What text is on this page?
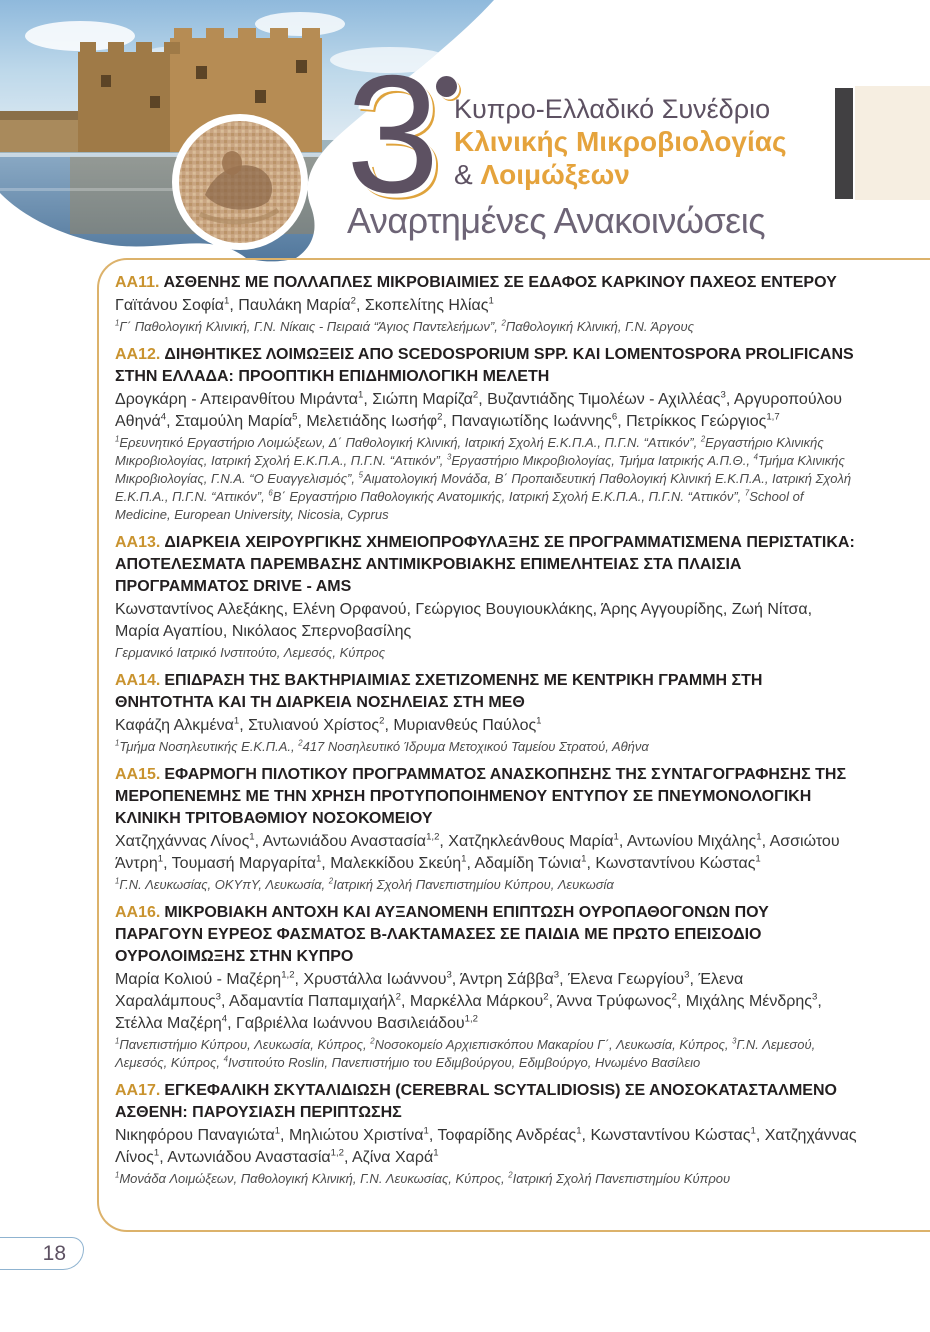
3 Κυπρο-Ελλαδικό Συνέδριο
Κλινικής Μικροβιολογίας
& Λοιμώξεων
Αναρτημένες Ανακοινώσεις

AA11. ΑΣΘΕΝΗΣ ΜΕ ΠΟΛΛΑΠΛΕΣ ΜΙΚΡΟΒΙΑΙΜΙΕΣ ΣΕ ΕΔΑΦΟΣ ΚΑΡΚΙΝΟΥ ΠΑΧΕΟΣ ΕΝΤΕΡΟΥ

Γαϊτάνου Σοφία$^1$, Παυλάκη Μαρία$^2$, Σκοπελίτης Ηλίας$^1$

$^1$Γ΄ Παθολογική Κλινική, Γ.Ν. Νίκαις - Πειραιά “Άγιος Παντελεήμων”, $^2$Παθολογική Κλινική, Γ.Ν. Άργους

AA12. ΔΙΗΘΗΤΙΚΕΣ ΛΟΙΜΩΞΕΙΣ ΑΠΟ SCEDOSPORIUM SPP. ΚΑΙ LOMENTOSPORA PROLIFICANS ΣΤΗΝ ΕΛΛΑΔΑ: ΠΡΟΟΠΤΙΚΗ ΕΠΙΔΗΜΙΟΛΟΓΙΚΗ ΜΕΛΕΤΗ

Δρογκάρη - Απειρανθίτου Μιράντα$^1$, Σιώπη Μαρίζα$^2$, Βυζαντιάδης Τιμολέων - Αχιλλέας$^3$, Αργυροπούλου Αθηνά$^4$, Σταμούλη Μαρία$^5$, Μελετιάδης Ιωσήφ$^2$, Παναγιωτίδης Ιωάννης$^6$, Πετρίκκος Γεώργιος$^{1,7}$

$^1$Ερευνητικό Εργαστήριο Λοιμώξεων, Δ΄ Παθολογική Κλινική, Ιατρική Σχολή Ε.Κ.Π.Α., Π.Γ.Ν. “Αττικόν”, $^2$Εργαστήριο Κλινικής Μικροβιολογίας, Ιατρική Σχολή Ε.Κ.Π.Α., Π.Γ.Ν. “Αττικόν”, $^3$Εργαστήριο Μικροβιολογίας, Τμήμα Ιατρικής Α.Π.Θ., $^4$Τμήμα Κλινικής Μικροβιολογίας, Γ.Ν.Α. “Ο Ευαγγελισμός”, $^5$Αιματολογική Μονάδα, Β΄ Προπαιδευτική Παθολογική Κλινική Ε.Κ.Π.Α., Ιατρική Σχολή Ε.Κ.Π.Α., Π.Γ.Ν. “Αττικόν”, $^6$Β΄ Εργαστήριο Παθολογικής Ανατομικής, Ιατρική Σχολή Ε.Κ.Π.Α., Π.Γ.Ν. “Αττικόν”, $^7$School of Medicine, European University, Nicosia, Cyprus

AA13. ΔΙΑΡΚΕΙΑ ΧΕΙΡΟΥΡΓΙΚΗΣ ΧΗΜΕΙΟΠΡΟΦΥΛΑΞΗΣ ΣΕ ΠΡΟΓΡΑΜΜΑΤΙΣΜΕΝΑ ΠΕΡΙΣΤΑΤΙΚΑ: ΑΠΟΤΕΛΕΣΜΑΤΑ ΠΑΡΕΜΒΑΣΗΣ ΑΝΤΙΜΙΚΡΟΒΙΑΚΗΣ ΕΠΙΜΕΛΗΤΕΙΑΣ ΣΤΑ ΠΛΑΙΣΙΑ ΠΡΟΓΡΑΜΜΑΤΟΣ DRIVE - AMS

Κωνσταντίνος Αλεξάκης, Ελένη Ορφανού, Γεώργιος Βουγιουκλάκης, Άρης Αγγουρίδης, Ζωή Νίτσα, Μαρία Αγαπίου, Νικόλαος Σπερνοβασίλης

Γερμανικό Ιατρικό Ινστιτούτο, Λεμεσός, Κύπρος

AA14. ΕΠΙΔΡΑΣΗ ΤΗΣ ΒΑΚΤΗΡΙΑΙΜΙΑΣ ΣΧΕΤΙΖΟΜΕΝΗΣ ΜΕ ΚΕΝΤΡΙΚΗ ΓΡΑΜΜΗ ΣΤΗ ΘΝΗΤΟΤΗΤΑ ΚΑΙ ΤΗ ΔΙΑΡΚΕΙΑ ΝΟΣΗΛΕΙΑΣ ΣΤΗ ΜΕΘ

Καφάζη Αλκμένα$^1$, Στυλιανού Χρίστος$^2$, Μυριανθεύς Παύλος$^1$

$^1$Τμήμα Νοσηλευτικής Ε.Κ.Π.Α., $^2$417 Νοσηλευτικό Ίδρυμα Μετοχικού Ταμείου Στρατού, Αθήνα

AA15. ΕΦΑΡΜΟΓΗ ΠΙΛΟΤΙΚΟΥ ΠΡΟΓΡΑΜΜΑΤΟΣ ΑΝΑΣΚΟΠΗΣΗΣ ΤΗΣ ΣΥΝΤΑΓΟΓΡΑΦΗΣΗΣ ΤΗΣ ΜΕΡΟΠΕΝΕΜΗΣ ΜΕ ΤΗΝ ΧΡΗΣΗ ΠΡΟΤΥΠΟΠΟΙΗΜΕΝΟΥ ΕΝΤΥΠΟΥ ΣΕ ΠΝΕΥΜΟΝΟΛΟΓΙΚΗ ΚΛΙΝΙΚΗ ΤΡΙΤΟΒΑΘΜΙΟΥ ΝΟΣΟΚΟΜΕΙΟΥ

Χατζηχάννας Λίνος$^1$, Αντωνιάδου Αναστασία$^{1,2}$, Χατζηκλεάνθους Μαρία$^1$, Αντωνίου Μιχάλης$^1$, Ασσιώτου Άντρη$^1$, Τουμασή Μαργαρίτα$^1$, Μαλεκκίδου Σκεύη$^1$, Αδαμίδη Τώνια$^1$, Κωνσταντίνου Κώστας$^1$

$^1$Γ.Ν. Λευκωσίας, ΟΚΥπΥ, Λευκωσία, $^2$Ιατρική Σχολή Πανεπιστημίου Κύπρου, Λευκωσία

AA16. ΜΙΚΡΟΒΙΑΚΗ ΑΝΤΟΧΗ ΚΑΙ ΑΥΞΑΝΟΜΕΝΗ ΕΠΙΠΤΩΣΗ ΟΥΡΟΠΑΘΟΓΟΝΩΝ ΠΟΥ ΠΑΡΑΓΟΥΝ ΕΥΡΕΟΣ ΦΑΣΜΑΤΟΣ Β-ΛΑΚΤΑΜΑΣΕΣ ΣΕ ΠΑΙΔΙΑ ΜΕ ΠΡΩΤΟ ΕΠΕΙΣΟΔΙΟ ΟΥΡΟΛΟΙΜΩΞΗΣ ΣΤΗΝ ΚΥΠΡΟ

Μαρία Κολιού - Μαζέρη$^{1,2}$, Χρυστάλλα Ιωάννου$^3$, Άντρη Σάββα$^3$, Έλενα Γεωργίου$^3$, Έλενα Χαραλάμπους$^3$, Αδαμαντία Παπαμιχαήλ$^2$, Μαρκέλλα Μάρκου$^2$, Άννα Τρύφωνος$^2$, Μιχάλης Μένδρης$^3$, Στέλλα Μαζέρη$^4$, Γαβριέλλα Ιωάννου Βασιλειάδου$^{1,2}$

$^1$Πανεπιστήμιο Κύπρου, Λευκωσία, Κύπρος, $^2$Νοσοκομείο Αρχιεπισκόπου Μακαρίου Γ΄, Λευκωσία, Κύπρος, $^3$Γ.Ν. Λεμεσού, Λεμεσός, Κύπρος, $^4$Ινστιτούτο Roslin, Πανεπιστήμιο του Εδιμβούργου, Εδιμβούργο, Ηνωμένο Βασίλειο

AA17. ΕΓΚΕΦΑΛΙΚΗ ΣΚΥΤΑΛΙΔΙΩΣΗ (CEREBRAL SCYTALIDIOSIS) ΣΕ ΑΝΟΣΟΚΑΤΑΣΤΑΛΜΕΝΟ ΑΣΘΕΝΗ: ΠΑΡΟΥΣΙΑΣΗ ΠΕΡΙΠΤΩΣΗΣ

Νικηφόρου Παναγιώτα$^1$, Μηλιώτου Χριστίνα$^1$, Τοφαρίδης Ανδρέας$^1$, Κωνσταντίνου Κώστας$^1$, Χατζηχάννας Λίνος$^1$, Αντωνιάδου Αναστασία$^{1,2}$, Αζίνα Χαρά$^1$

$^1$Μονάδα Λοιμώξεων, Παθολογική Κλινική, Γ.Ν. Λευκωσίας, Κύπρος, $^2$Ιατρική Σχολή Πανεπιστημίου Κύπρου

18
